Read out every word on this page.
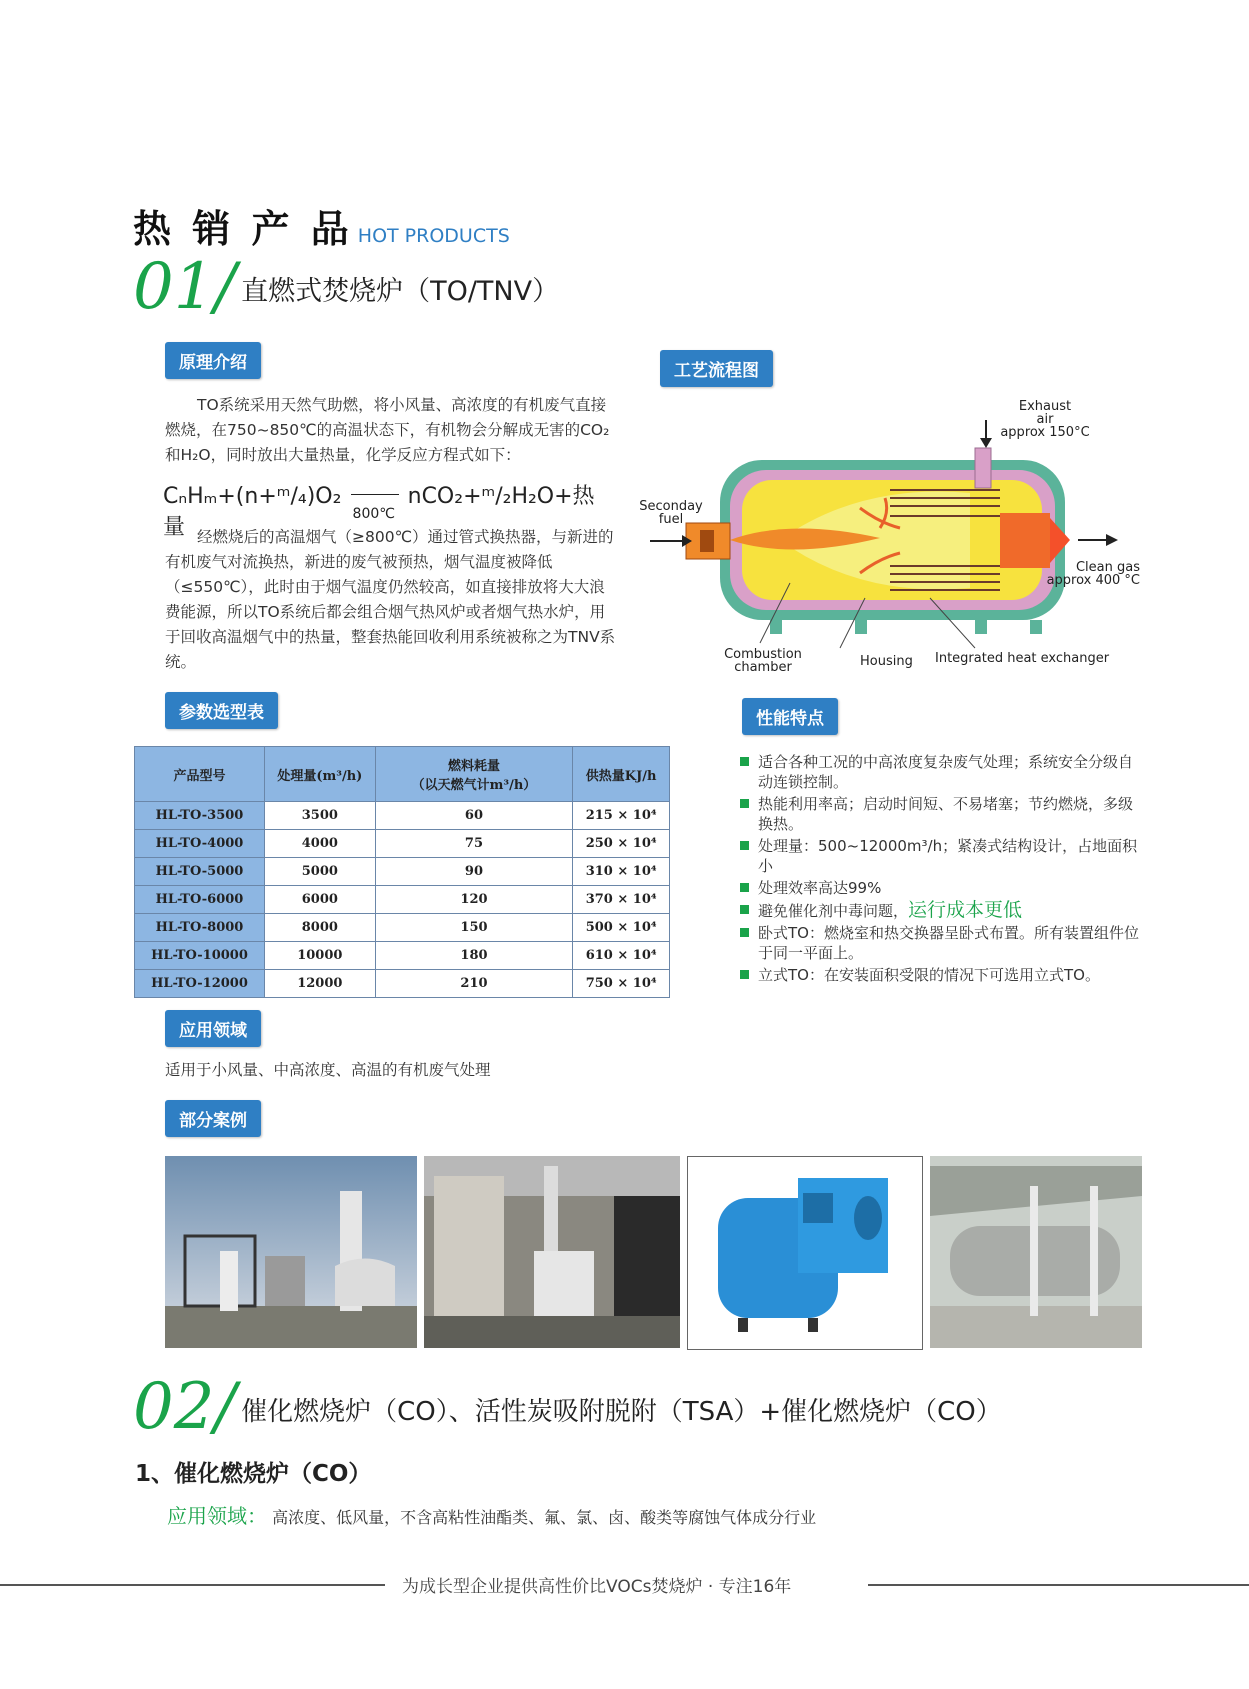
热 销 产 品 HOT PRODUCTS
01/ 直燃式焚烧炉（TO/TNV）
原理介绍
TO系统采用天然气助燃，将小风量、高浓度的有机废气直接燃烧，在750~850℃的高温状态下，有机物会分解成无害的CO₂和H₂O，同时放出大量热量，化学反应方程式如下：
CₙHₘ+(n+ᵐ/₄)O₂
800℃
nCO₂+ᵐ/₂H₂O+热量 经燃烧后的高温烟气（≥800℃）通过管式换热器，与新进的有机废气对流换热，新进的废气被预热，烟气温度被降低（≤550℃），此时由于烟气温度仍然较高，如直接排放将大大浪费能源，所以TO系统后都会组合烟气热风炉或者烟气热水炉，用于回收高温烟气中的热量，整套热能回收利用系统被称之为TNV系统。
工艺流程图
Exhaust
air
approx 150°C
Seconday
fuel
Clean gas
approx 400 °C
Combustion
chamber	Housing Integrated heat exchanger
参数选型表
产品型号	处理量(m³/h)	燃料耗量
（以天燃气计m³/h）	供热量KJ/h
HL-TO-3500	3500	60	215 × 10⁴
HL-TO-4000	4000	75	250 × 10⁴
HL-TO-5000	5000	90	310 × 10⁴
HL-TO-6000	6000	120	370 × 10⁴
HL-TO-8000	8000	150	500 × 10⁴
HL-TO-10000	10000	180	610 × 10⁴
HL-TO-12000	12000	210	750 × 10⁴
性能特点
适合各种工况的中高浓度复杂废气处理；系统安全分级自动连锁控制。
热能利用率高；启动时间短、不易堵塞；节约燃烧，多级换热。
处理量：500~12000m³/h；紧凑式结构设计，占地面积小
处理效率高达99%
避免催化剂中毒问题，运行成本更低
卧式TO：燃烧室和热交换器呈卧式布置。所有装置组件位于同一平面上。
立式TO：在安装面积受限的情况下可选用立式TO。
应用领域
适用于小风量、中高浓度、高温的有机废气处理
部分案例
02/ 催化燃烧炉（CO）、活性炭吸附脱附（TSA）+催化燃烧炉（CO）
1、催化燃烧炉（CO）
应用领域： 高浓度、低风量，不含高粘性油酯类、氟、氯、卤、酸类等腐蚀气体成分行业
为成长型企业提供高性价比VOCs焚烧炉 · 专注16年
